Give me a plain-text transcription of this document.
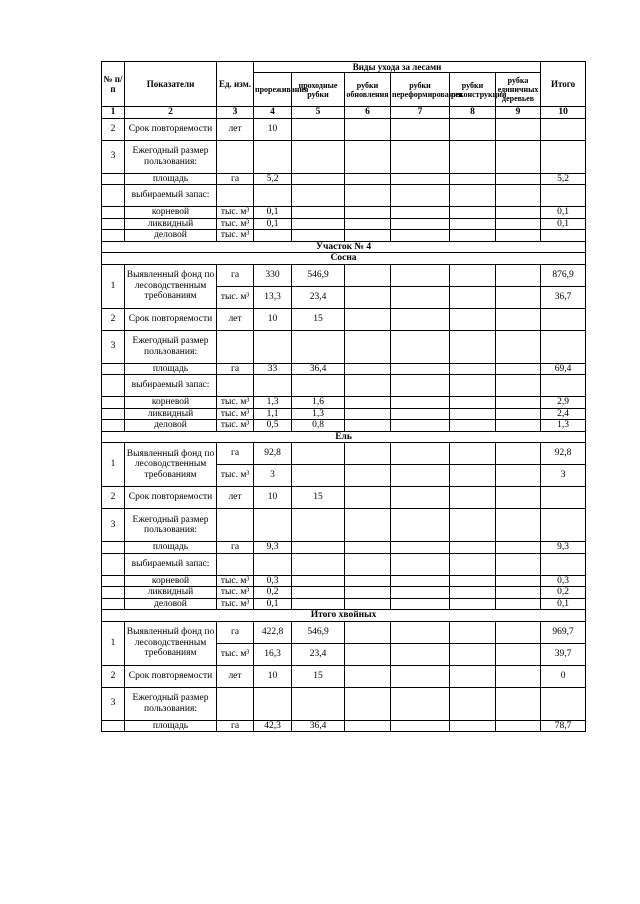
№ п/п	Показатели	Ед. изм.	Виды ухода за лесами						Итого
			прореживания	проходные рубки	рубки обновления	рубки переформирования	рубки реконструкции	рубка единичных деревьев	

1	2	3	4	5	6	7	8	9	10
2	Срок повторяемости	лет	10						
3	Ежегодный размер пользования:								
	площадь	га	5,2						5,2
	выбираемый запас:								
	корневой	тыс. м³	0,1						0,1
	ликвидный	тыс. м³	0,1						0,1
	деловой	тыс. м³							
Участок № 4									
Сосна									
1	Выявленный фонд по лесоводственным требованиям	га	330	546,9					876,9
		тыс. м³	13,3	23,4					36,7
2	Срок повторяемости	лет	10	15					
3	Ежегодный размер пользования:								
	площадь	га	33	36,4					69,4
	выбираемый запас:								
	корневой	тыс. м³	1,3	1,6					2,9
	ликвидный	тыс. м³	1,1	1,3					2,4
	деловой	тыс. м³	0,5	0,8					1,3
Ель									
1	Выявленный фонд по лесоводственным требованиям	га	92,8						92,8
		тыс. м³	3						3
2	Срок повторяемости	лет	10	15					
3	Ежегодный размер пользования:								
	площадь	га	9,3						9,3
	выбираемый запас:								
	корневой	тыс. м³	0,3						0,3
	ликвидный	тыс. м³	0,2						0,2
	деловой	тыс. м³	0,1						0,1
Итого хвойных									
1	Выявленный фонд по лесоводственным требованиям	га	422,8	546,9					969,7
		тыс. м³	16,3	23,4					39,7
2	Срок повторяемости	лет	10	15					0
3	Ежегодный размер пользования:								
	площадь	га	42,3	36,4					78,7
